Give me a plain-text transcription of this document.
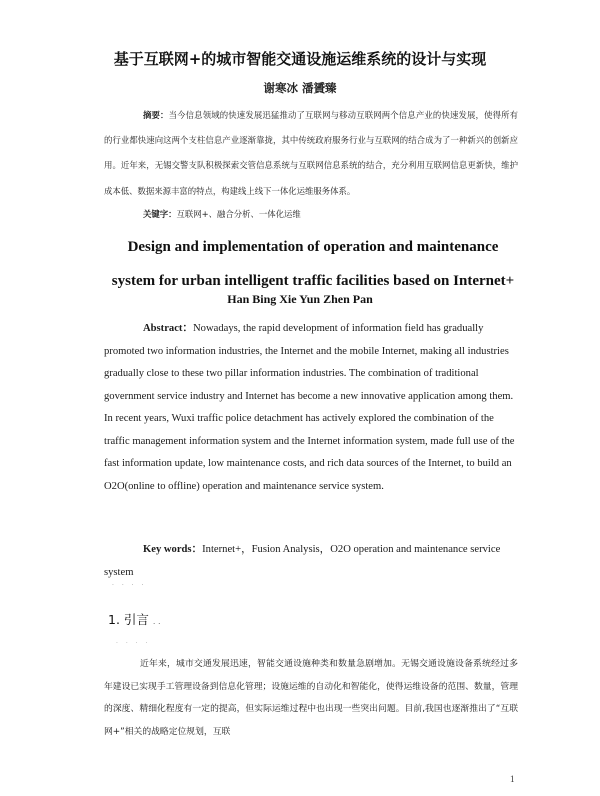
基于互联网+的城市智能交通设施运维系统的设计与实现
谢寒冰 潘贇臻
摘要：当今信息领域的快速发展迅猛推动了互联网与移动互联网两个信息产业的快速发展，使得所有的行业都快速向这两个支柱信息产业逐渐靠拢，其中传统政府服务行业与互联网的结合成为了一种新兴的创新应用。近年来，无锡交警支队积极探索交管信息系统与互联网信息系统的结合，充分利用互联网信息更新快，维护成本低、数据来源丰富的特点，构建线上线下一体化运维服务体系。
关键字：互联网+、融合分析、一体化运维
Design and implementation of operation and maintenance system for urban intelligent traffic facilities based on Internet+
Han Bing Xie Yun Zhen Pan
Abstract：Nowadays, the rapid development of information field has gradually promoted two information industries, the Internet and the mobile Internet, making all industries gradually close to these two pillar information industries. The combination of traditional government service industry and Internet has become a new innovative application among them. In recent years, Wuxi traffic police detachment has actively explored the combination of the traffic management information system and the Internet information system, made full use of the fast information update, low maintenance costs, and rich data sources of the Internet, to build an O2O(online to offline) operation and maintenance service system.
Key words：Internet+，Fusion Analysis，O2O operation and maintenance service system
· · · ·
1. 引言 . .
· · · ·
近年来，城市交通发展迅速，智能交通设施种类和数量急剧增加。无锡交通设施设备系统经过多年建设已实现手工管理设备到信息化管理；设施运维的自动化和智能化，使得运维设备的范围、数量，管理的深度、精细化程度有一定的提高，但实际运维过程中也出现一些突出问题。目前,我国也逐渐推出了“互联网+”相关的战略定位规划，互联
1
